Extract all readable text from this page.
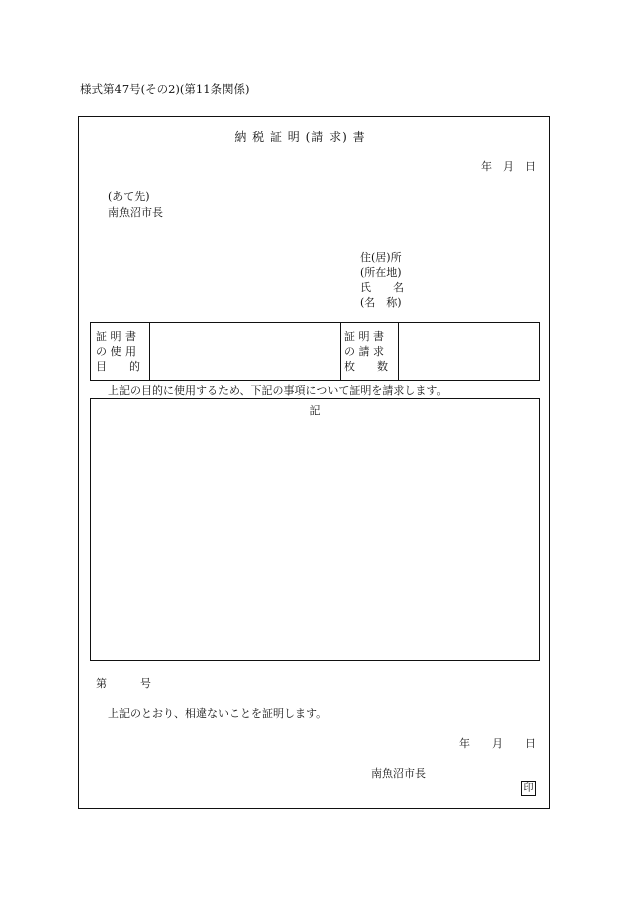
様式第47号(その2)(第11条関係)
納 税 証 明 (請 求) 書
年　月　日
(あて先)
南魚沼市長
住(居)所
(所在地)
氏　　名
(名　称)
証 明 書
の 使 用
目　　的
証 明 書
の 請 求
枚　　数
上記の目的に使用するため、下記の事項について証明を請求します。
記
第　　　号
上記のとおり、相違ないことを証明します。
年　　月　　日
南魚沼市長
印
